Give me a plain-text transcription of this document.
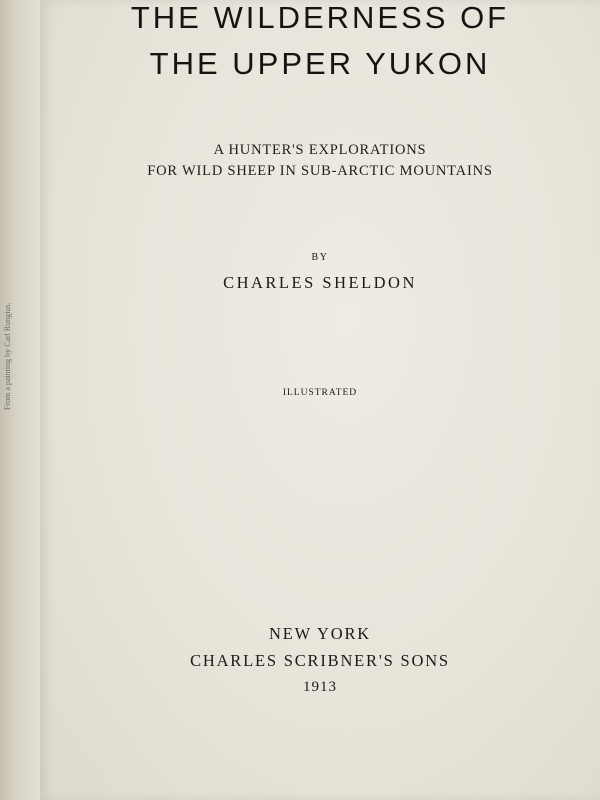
From a painting by Carl Rungius.
THE WILDERNESS OF
THE UPPER YUKON
A HUNTER'S EXPLORATIONS
FOR WILD SHEEP IN SUB-ARCTIC MOUNTAINS
BY
CHARLES SHELDON
ILLUSTRATED
NEW YORK
CHARLES SCRIBNER'S SONS
1913
